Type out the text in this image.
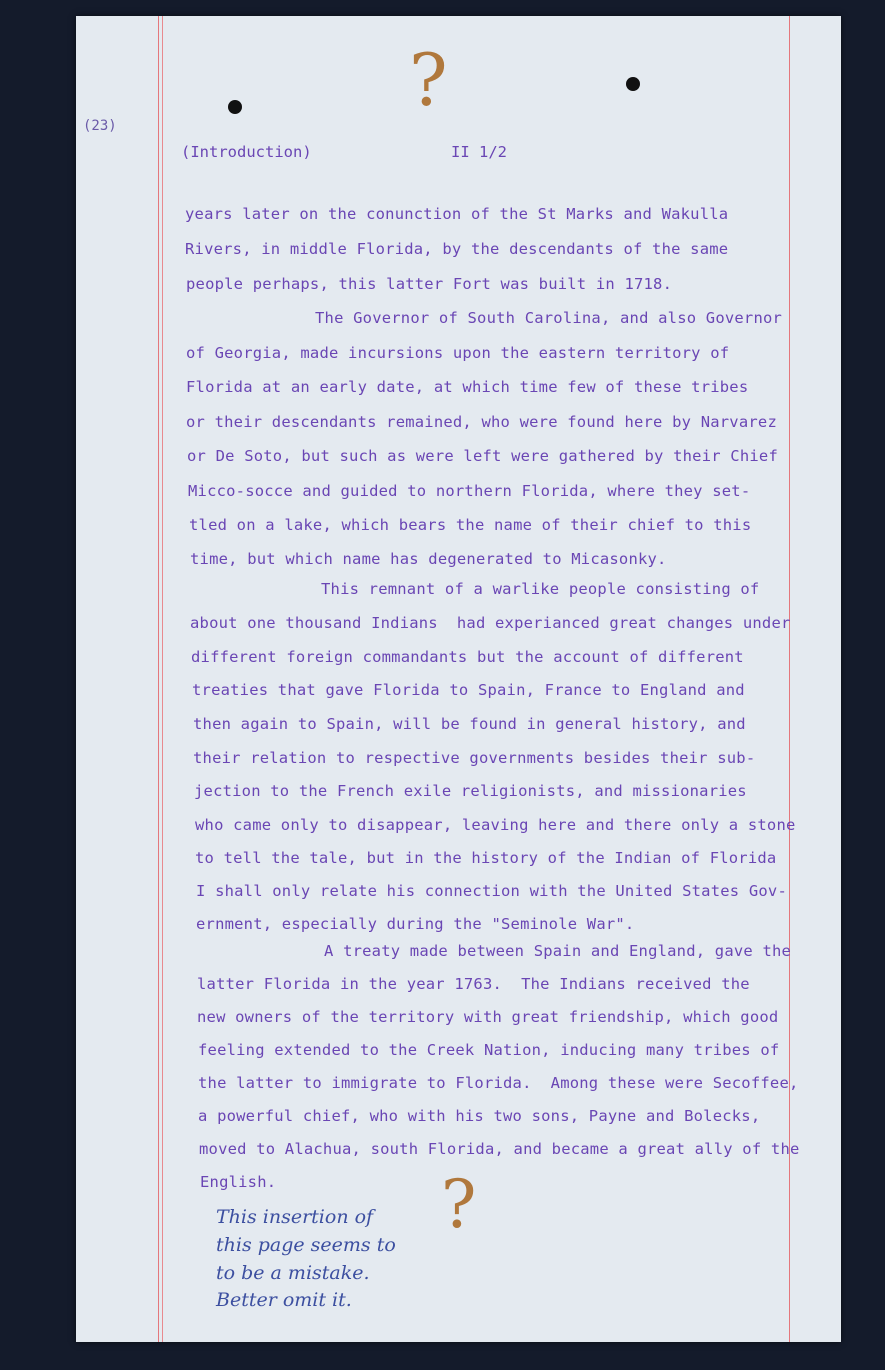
(23)
(Introduction)	II 1/2
?
years later on the conunction of the St Marks and Wakulla
Rivers, in middle Florida, by the descendants of the same
people perhaps, this latter Fort was built in 1718.
The Governor of South Carolina, and also Governor
of Georgia, made incursions upon the eastern territory of
Florida at an early date, at which time few of these tribes
or their descendants remained, who were found here by Narvarez
or De Soto, but such as were left were gathered by their Chief
Micco-socce and guided to northern Florida, where they set-
tled on a lake, which bears the name of their chief to this
time, but which name has degenerated to Micasonky.
This remnant of a warlike people consisting of
about one thousand Indians  had experianced great changes under
different foreign commandants but the account of different
treaties that gave Florida to Spain, France to England and
then again to Spain, will be found in general history, and
their relation to respective governments besides their sub-
jection to the French exile religionists, and missionaries
who came only to disappear, leaving here and there only a stone
to tell the tale, but in the history of the Indian of Florida
I shall only relate his connection with the United States Gov-
ernment, especially during the "Seminole War".
A treaty made between Spain and England, gave the
latter Florida in the year 1763.  The Indians received the
new owners of the territory with great friendship, which good
feeling extended to the Creek Nation, inducing many tribes of
the latter to immigrate to Florida.  Among these were Secoffee,
a powerful chief, who with his two sons, Payne and Bolecks,
moved to Alachua, south Florida, and became a great ally of the
English. ?
This insertion of
this page seems to
to be a mistake.
Better omit it.
